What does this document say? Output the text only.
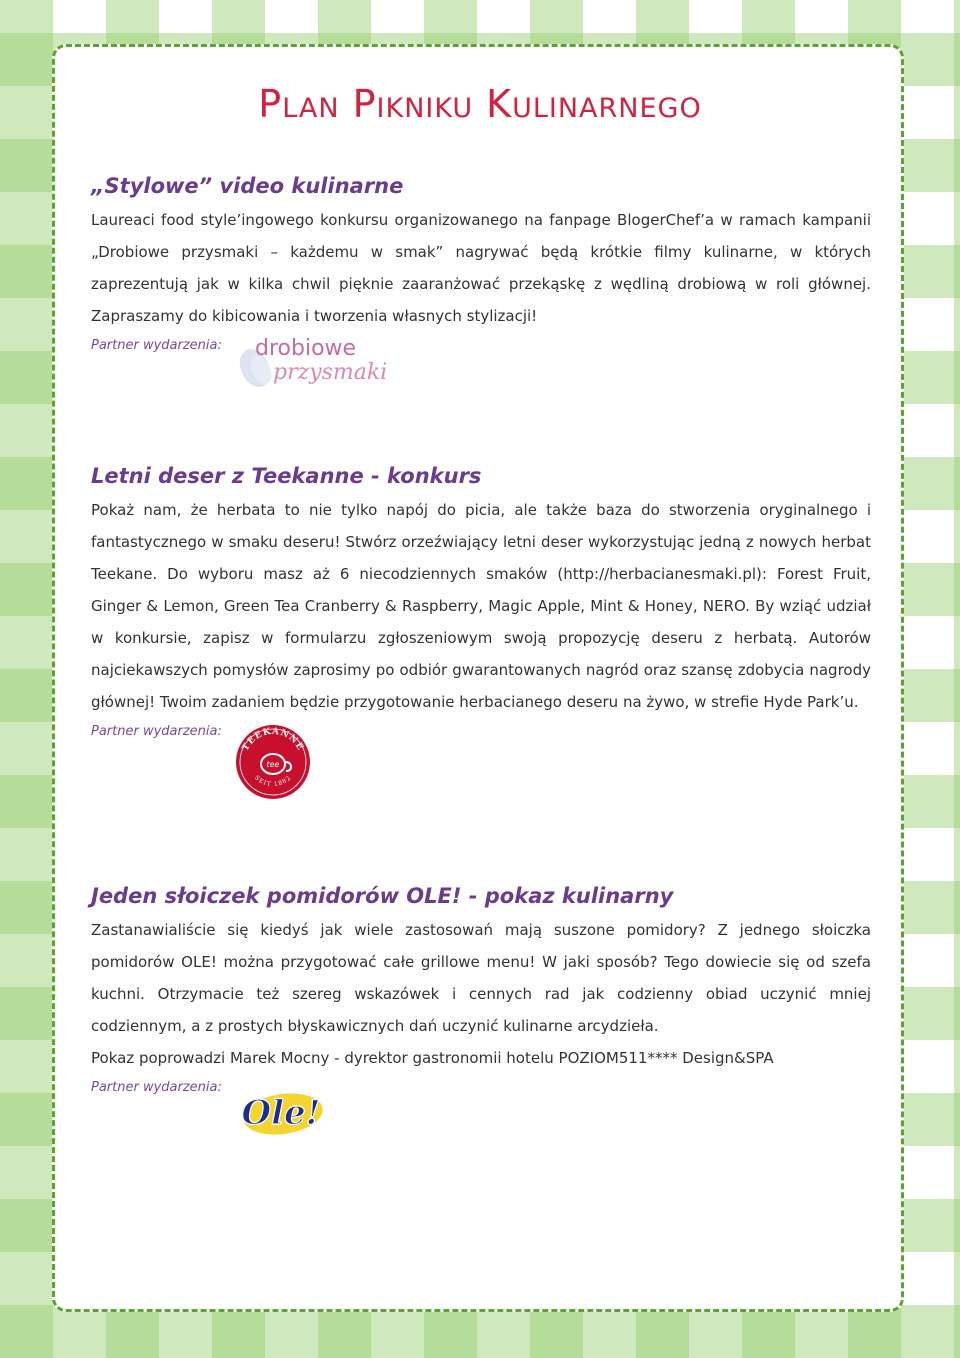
Plan Pikniku Kulinarnego
„Stylowe” video kulinarne

Laureaci food style’ingowego konkursu organizowanego na fanpage BlogerChef’a w ramach kampanii „Drobiowe przysmaki – każdemu w smak” nagrywać będą krótkie filmy kulinarne, w których zaprezentują jak w kilka chwil pięknie zaaranżować przekąskę z wędliną drobiową w roli głównej. Zapraszamy do kibicowania i tworzenia własnych stylizacji!

Partner wydarzenia:	drobiowe
przysmaki
Letni deser z Teekanne - konkurs

Pokaż nam, że herbata to nie tylko napój do picia, ale także baza do stworzenia oryginalnego i fantastycznego w smaku deseru! Stwórz orzeźwiający letni deser wykorzystując jedną z nowych herbat Teekane. Do wyboru masz aż 6 niecodziennych smaków (http://herbacianesmaki.pl): Forest Fruit, Ginger & Lemon, Green Tea Cranberry & Raspberry, Magic Apple, Mint & Honey, NERO. By wziąć udział w konkursie, zapisz w formularzu zgłoszeniowym swoją propozycję deseru z herbatą. Autorów najciekawszych pomysłów zaprosimy po odbiór gwarantowanych nagród oraz szansę zdobycia nagrody głównej! Twoim zadaniem będzie przygotowanie herbacianego deseru na żywo, w strefie Hyde Park’u.

Partner wydarzenia:
TEEKANNE
SEIT 1882
tee
Jeden słoiczek pomidorów OLE! - pokaz kulinarny

Zastanawialiście się kiedyś jak wiele zastosowań mają suszone pomidory? Z jednego słoiczka pomidorów OLE! można przygotować całe grillowe menu! W jaki sposób? Tego dowiecie się od szefa kuchni. Otrzymacie też szereg wskazówek i cennych rad jak codzienny obiad uczynić mniej codziennym, a z prostych błyskawicznych dań uczynić kulinarne arcydzieła.

Pokaz poprowadzi Marek Mocny - dyrektor gastronomii hotelu POZIOM511**** Design&SPA

Partner wydarzenia:
Ole!
